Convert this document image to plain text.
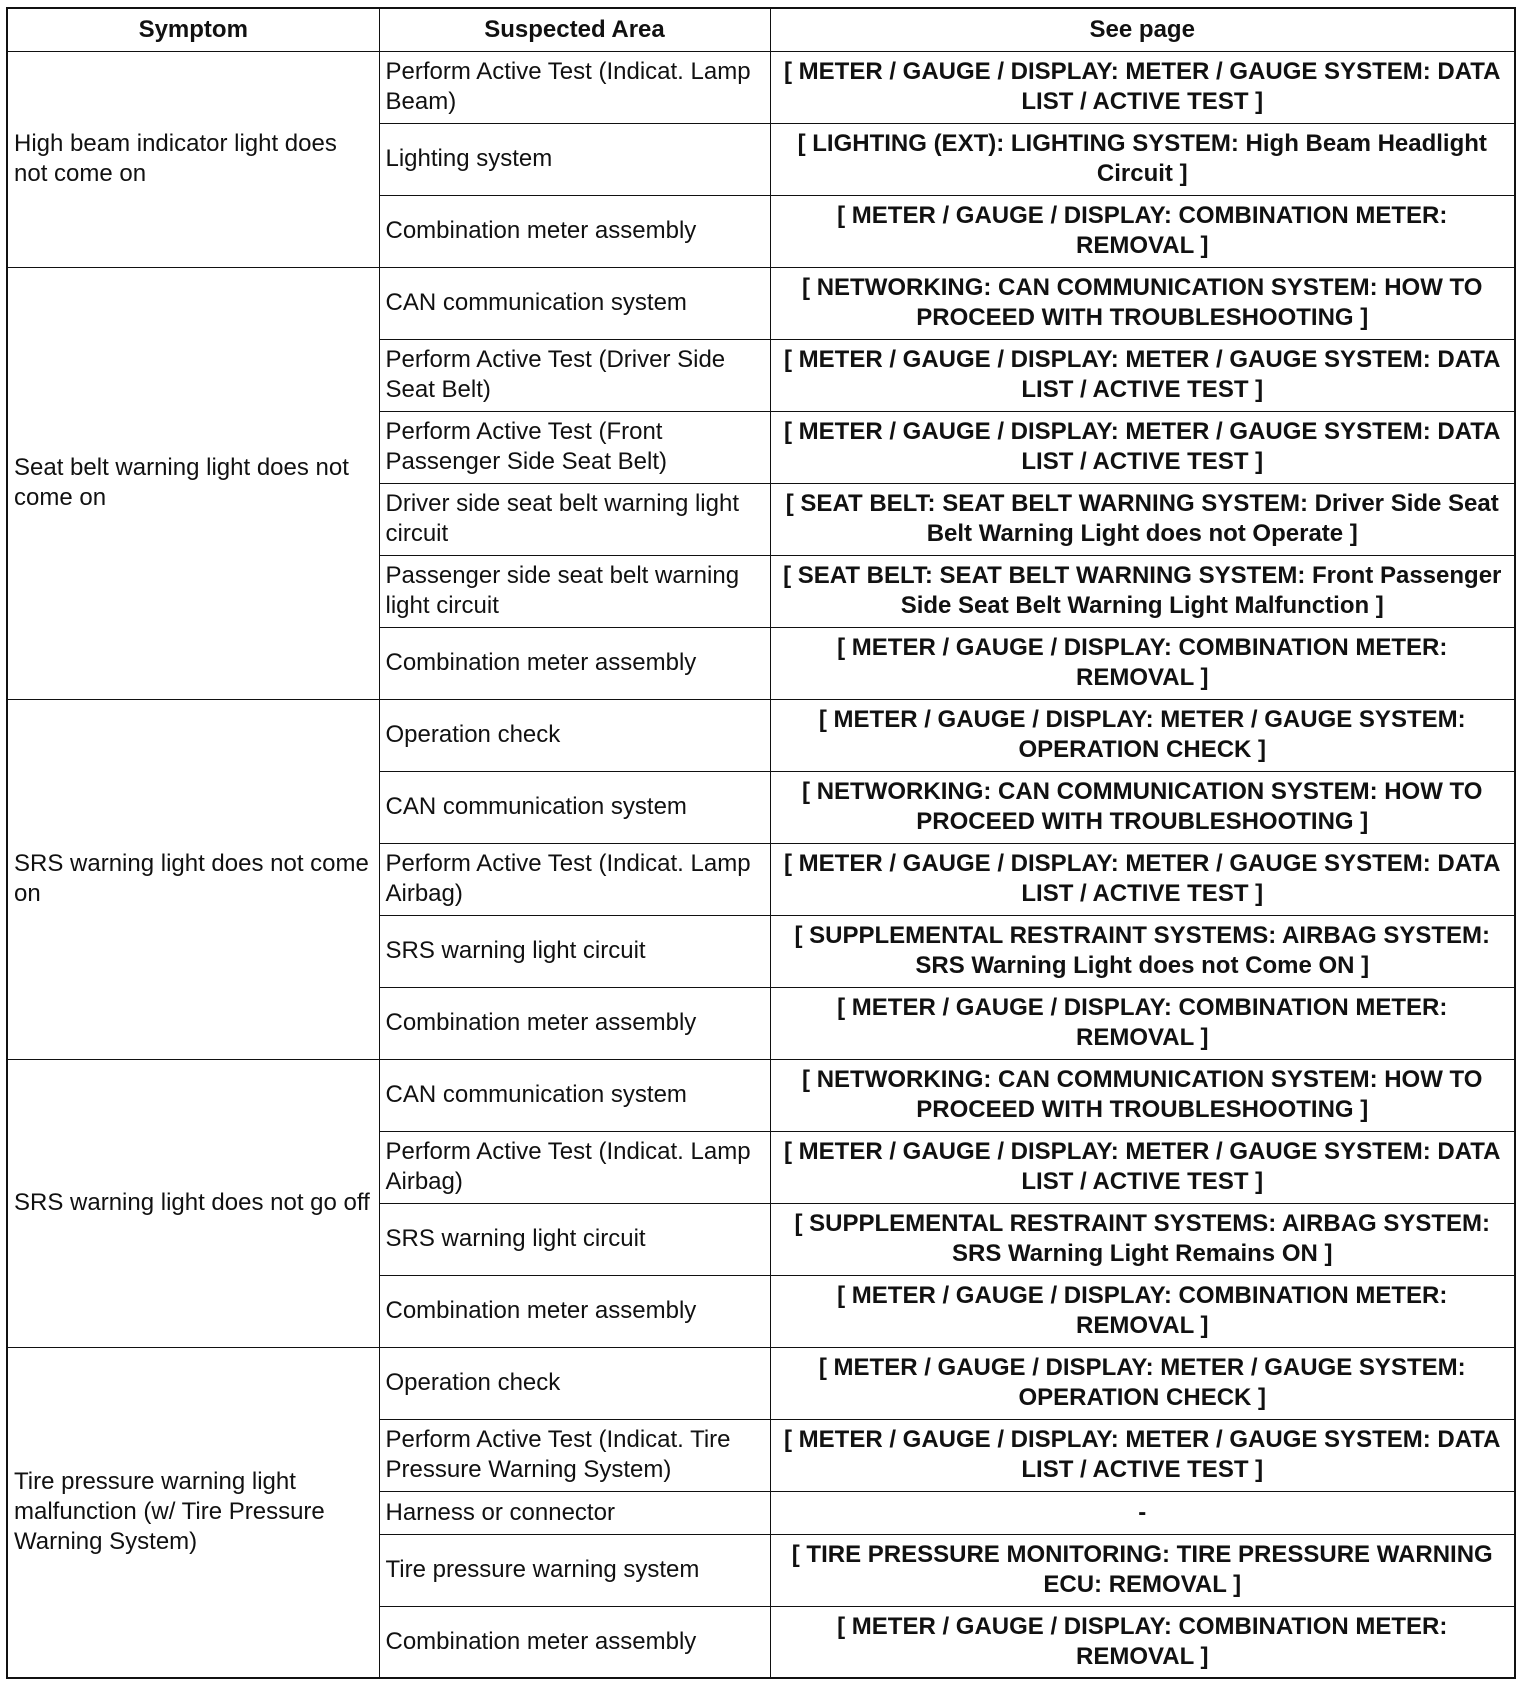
Symptom	Suspected Area	See page
High beam indicator light does not come on	Perform Active Test (Indicat. Lamp Beam)	[ METER / GAUGE / DISPLAY: METER / GAUGE SYSTEM: DATA LIST / ACTIVE TEST ]
	Lighting system	[ LIGHTING (EXT): LIGHTING SYSTEM: High Beam Headlight Circuit ]
	Combination meter assembly	[ METER / GAUGE / DISPLAY: COMBINATION METER: REMOVAL ]
Seat belt warning light does not come on	CAN communication system	[ NETWORKING: CAN COMMUNICATION SYSTEM: HOW TO PROCEED WITH TROUBLESHOOTING ]
	Perform Active Test (Driver Side Seat Belt)	[ METER / GAUGE / DISPLAY: METER / GAUGE SYSTEM: DATA LIST / ACTIVE TEST ]
	Perform Active Test (Front Passenger Side Seat Belt)	[ METER / GAUGE / DISPLAY: METER / GAUGE SYSTEM: DATA LIST / ACTIVE TEST ]
	Driver side seat belt warning light circuit	[ SEAT BELT: SEAT BELT WARNING SYSTEM: Driver Side Seat Belt Warning Light does not Operate ]
	Passenger side seat belt warning light circuit	[ SEAT BELT: SEAT BELT WARNING SYSTEM: Front Passenger Side Seat Belt Warning Light Malfunction ]
	Combination meter assembly	[ METER / GAUGE / DISPLAY: COMBINATION METER: REMOVAL ]
SRS warning light does not come on	Operation check	[ METER / GAUGE / DISPLAY: METER / GAUGE SYSTEM: OPERATION CHECK ]
	CAN communication system	[ NETWORKING: CAN COMMUNICATION SYSTEM: HOW TO PROCEED WITH TROUBLESHOOTING ]
	Perform Active Test (Indicat. Lamp Airbag)	[ METER / GAUGE / DISPLAY: METER / GAUGE SYSTEM: DATA LIST / ACTIVE TEST ]
	SRS warning light circuit	[ SUPPLEMENTAL RESTRAINT SYSTEMS: AIRBAG SYSTEM: SRS Warning Light does not Come ON ]
	Combination meter assembly	[ METER / GAUGE / DISPLAY: COMBINATION METER: REMOVAL ]
SRS warning light does not go off	CAN communication system	[ NETWORKING: CAN COMMUNICATION SYSTEM: HOW TO PROCEED WITH TROUBLESHOOTING ]
	Perform Active Test (Indicat. Lamp Airbag)	[ METER / GAUGE / DISPLAY: METER / GAUGE SYSTEM: DATA LIST / ACTIVE TEST ]
	SRS warning light circuit	[ SUPPLEMENTAL RESTRAINT SYSTEMS: AIRBAG SYSTEM: SRS Warning Light Remains ON ]
	Combination meter assembly	[ METER / GAUGE / DISPLAY: COMBINATION METER: REMOVAL ]
Tire pressure warning light malfunction (w/ Tire Pressure Warning System)	Operation check	[ METER / GAUGE / DISPLAY: METER / GAUGE SYSTEM: OPERATION CHECK ]
	Perform Active Test (Indicat. Tire Pressure Warning System)	[ METER / GAUGE / DISPLAY: METER / GAUGE SYSTEM: DATA LIST / ACTIVE TEST ]
	Harness or connector	-
	Tire pressure warning system	[ TIRE PRESSURE MONITORING: TIRE PRESSURE WARNING ECU: REMOVAL ]
	Combination meter assembly	[ METER / GAUGE / DISPLAY: COMBINATION METER: REMOVAL ]
